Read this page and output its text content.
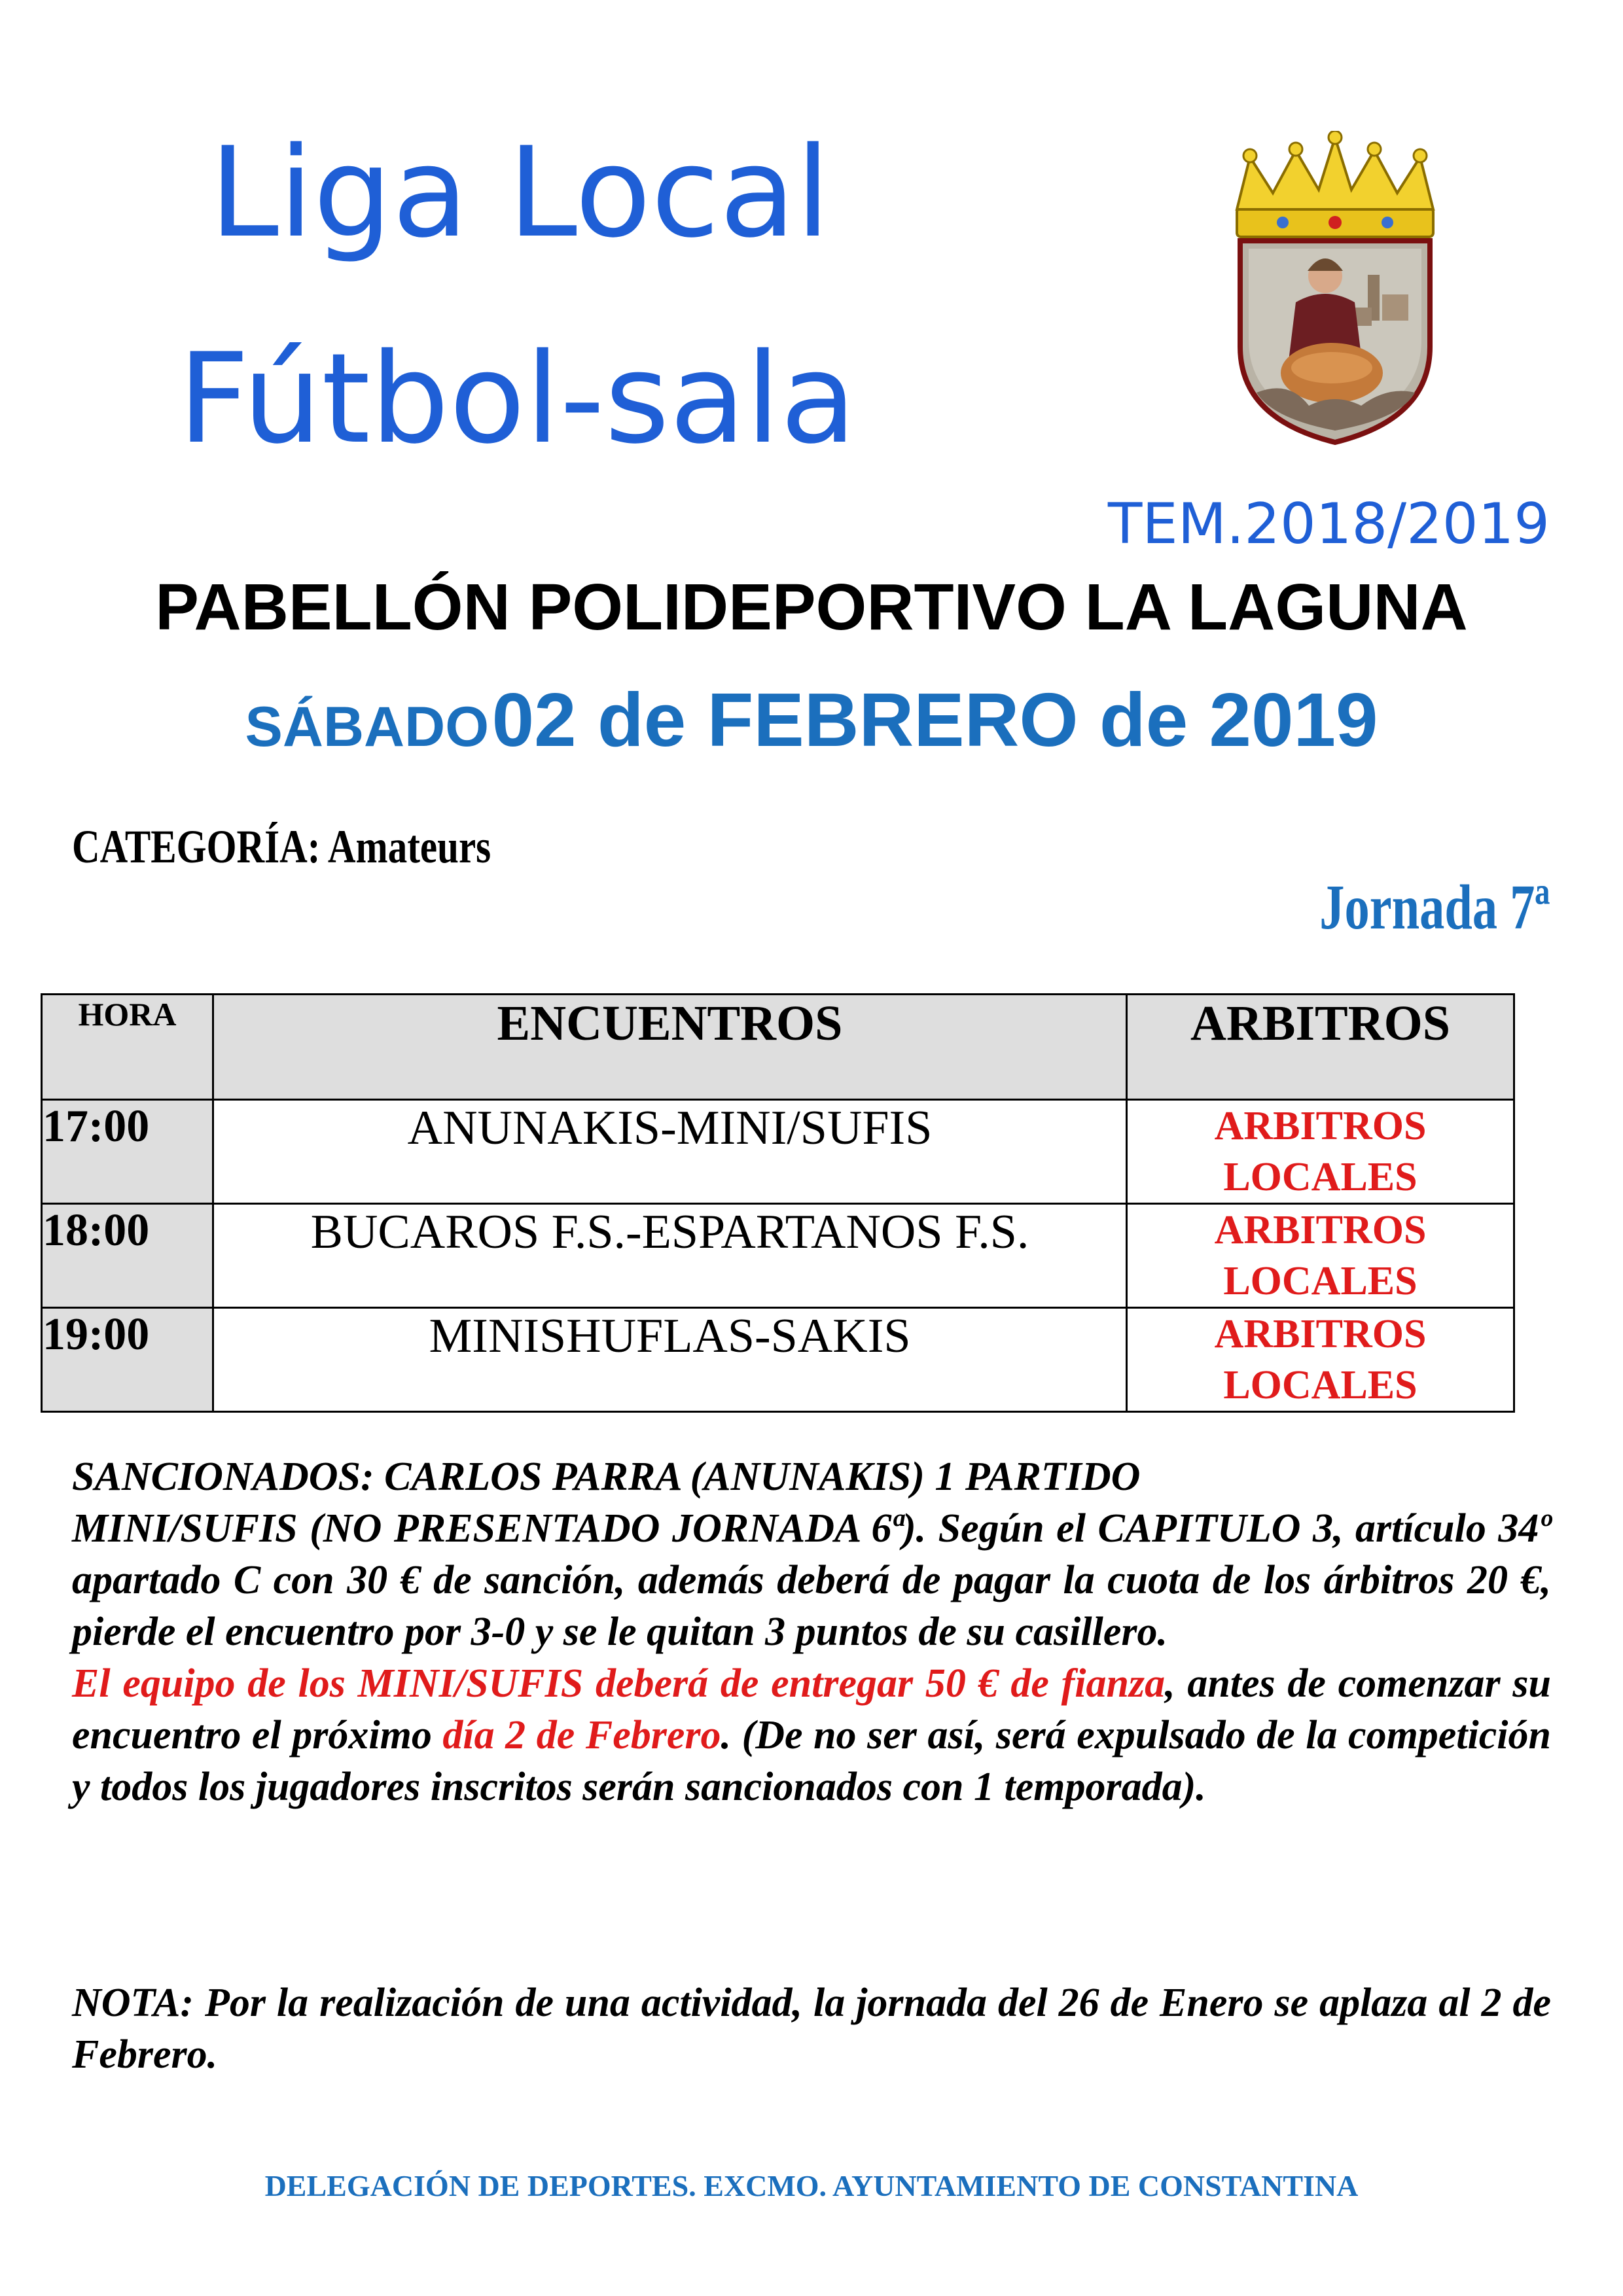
Liga Local
Fútbol-sala
TEM.2018/2019
PABELLÓN POLIDEPORTIVO LA LAGUNA
SÁBADO 02 de FEBRERO de 2019
CATEGORÍA: Amateurs
Jornada 7ª
HORA	ENCUENTROS	ARBITROS
17:00	ANUNAKIS-MINI/SUFIS	ARBITROS
LOCALES

18:00	BUCAROS F.S.-ESPARTANOS F.S.	ARBITROS
LOCALES

19:00	MINISHUFLAS-SAKIS	ARBITROS
LOCALES

SANCIONADOS: CARLOS PARRA (ANUNAKIS) 1 PARTIDO

MINI/SUFIS (NO PRESENTADO JORNADA 6ª). Según el CAPITULO 3, artículo 34º apartado C con 30 € de sanción, además deberá de pagar la cuota de los árbitros 20 €, pierde el encuentro por 3-0 y se le quitan 3 puntos de su casillero.

El equipo de los MINI/SUFIS deberá de entregar 50 € de fianza, antes de comenzar su encuentro el próximo día 2 de Febrero. (De no ser así, será expulsado de la competición y todos los jugadores inscritos serán sancionados con 1 temporada).

NOTA: Por la realización de una actividad, la jornada del 26 de Enero se aplaza al 2 de Febrero.
DELEGACIÓN DE DEPORTES. EXCMO. AYUNTAMIENTO DE CONSTANTINA
